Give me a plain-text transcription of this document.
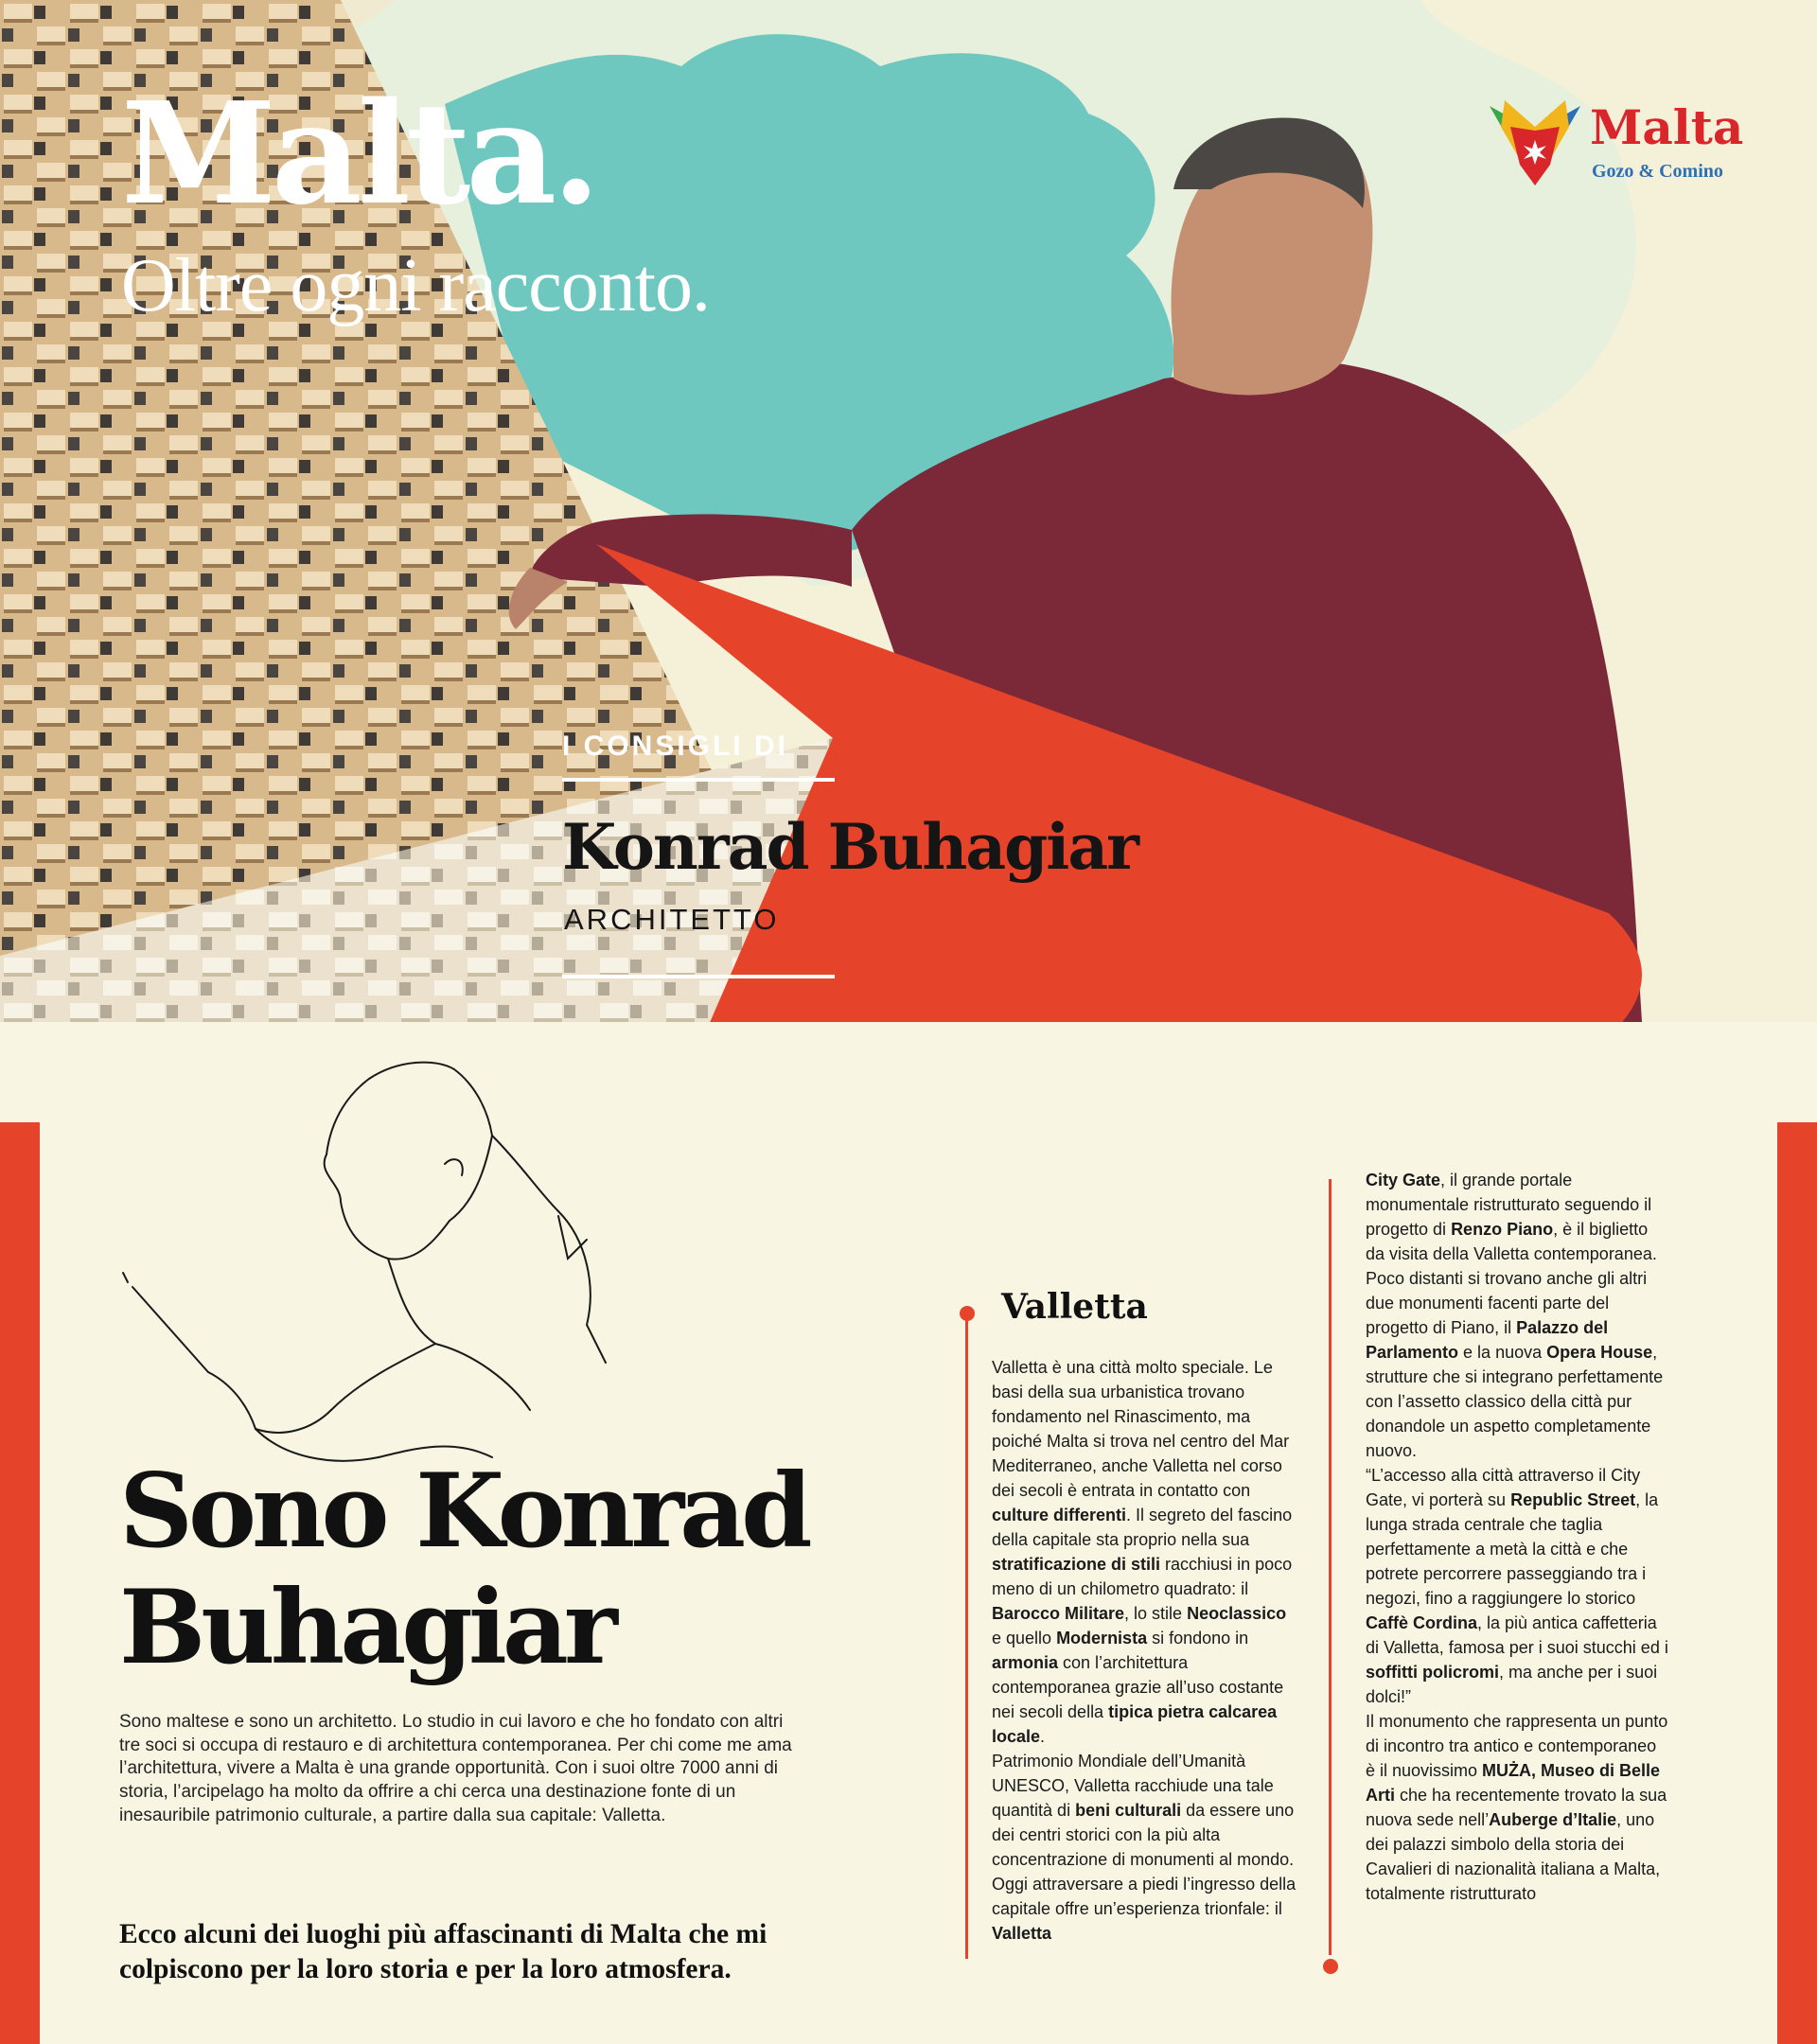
Malta.
Oltre ogni racconto.
Malta
Gozo & Comino
I CONSIGLI DI
Konrad Buhagiar
ARCHITETTO
Sono Konrad
Buhagiar
Sono maltese e sono un architetto. Lo studio in cui lavoro e che ho fondato con altri tre soci si occupa di restauro e di architettura contemporanea. Per chi come me ama l’architettura, vivere a Malta è una grande opportunità. Con i suoi oltre 7000 anni di storia, l’arcipelago ha molto da offrire a chi cerca una destinazione fonte di un inesauribile patrimonio culturale, a partire dalla sua capitale: Valletta.
Ecco alcuni dei luoghi più affascinanti di Malta che mi colpiscono per la loro storia e per la loro atmosfera.
Valletta

Valletta è una città molto speciale. Le basi della sua urbanistica trovano fondamento nel Rinascimento, ma poiché Malta si trova nel centro del Mar Mediterraneo, anche Valletta nel corso dei secoli è entrata in contatto con culture differenti. Il segreto del fascino della capitale sta proprio nella sua stratificazione di stili racchiusi in poco meno di un chilometro quadrato: il Barocco Militare, lo stile Neoclassico e quello Modernista si fondono in armonia con l’architettura contemporanea grazie all’uso costante nei secoli della tipica pietra calcarea locale.

Patrimonio Mondiale dell’Umanità UNESCO, Valletta racchiude una tale quantità di beni culturali da essere uno dei centri storici con la più alta concentrazione di monumenti al mondo. Oggi attraversare a piedi l’ingresso della capitale offre un’esperienza trionfale: il Valletta

City Gate, il grande portale monumentale ristrutturato seguendo il progetto di Renzo Piano, è il biglietto da visita della Valletta contemporanea. Poco distanti si trovano anche gli altri due monumenti facenti parte del progetto di Piano, il Palazzo del Parlamento e la nuova Opera House, strutture che si integrano perfettamente con l’assetto classico della città pur donandole un aspetto completamente nuovo.

“L’accesso alla città attraverso il City Gate, vi porterà su Republic Street, la lunga strada centrale che taglia perfettamente a metà la città e che potrete percorrere passeggiando tra i negozi, fino a raggiungere lo storico Caffè Cordina, la più antica caffetteria di Valletta, famosa per i suoi stucchi ed i soffitti policromi, ma anche per i suoi dolci!”

Il monumento che rappresenta un punto di incontro tra antico e contemporaneo è il nuovissimo MUŻA, Museo di Belle Arti che ha recentemente trovato la sua nuova sede nell’Auberge d’Italie, uno dei palazzi simbolo della storia dei Cavalieri di nazionalità italiana a Malta, totalmente ristrutturato
